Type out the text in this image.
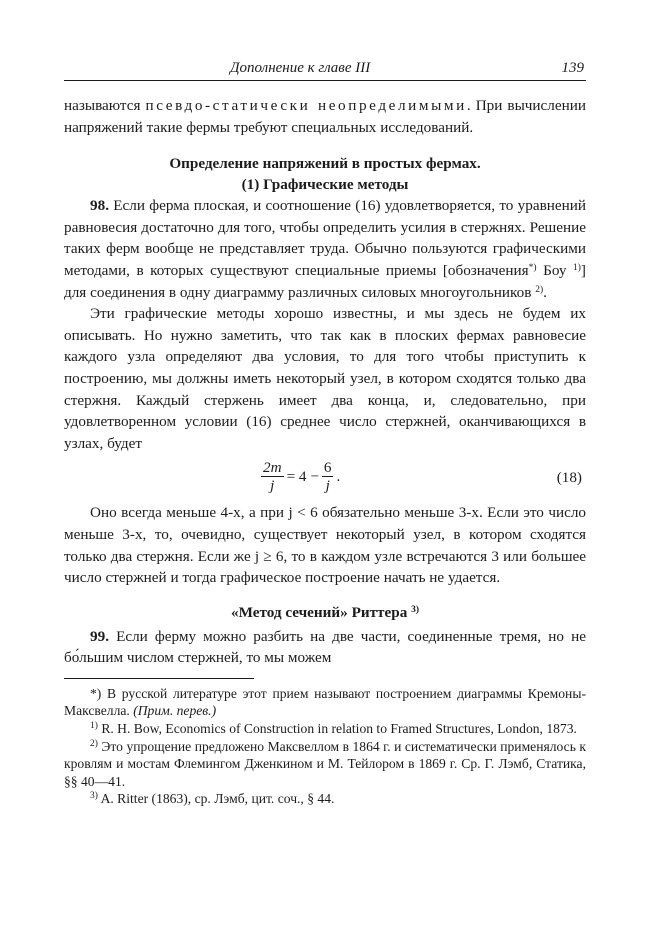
Дополнение к главе III	139

называются псевдо-статически неопределимыми. При вычислении напряжений такие фермы требуют специальных исследований.

Определение напряжений в простых фермах.
(1) Графические методы

98. Если ферма плоская, и соотношение (16) удовлетворяется, то уравнений равновесия достаточно для того, чтобы определить усилия в стержнях. Решение таких ферм вообще не представляет труда. Обычно пользуются графическими методами, в которых существуют специальные приемы [обозначения*) Боу $^{1)}$] для соединения в одну диаграмму различных силовых многоугольников $^{2)}$.

Эти графические методы хорошо известны, и мы здесь не будем их описывать. Но нужно заметить, что так как в плоских фермах равновесие каждого узла определяют два условия, то для того чтобы приступить к построению, мы должны иметь некоторый узел, в котором сходятся только два стержня. Каждый стержень имеет два конца, и, следовательно, при удовлетворенном условии (16) среднее число стержней, оканчивающихся в узлах, будет

$\frac{2m}{j} = 4 - \frac{6}{j}$ .	(18)

Оно всегда меньше 4-х, а при j < 6 обязательно меньше 3-х. Если это число меньше 3-х, то, очевидно, существует некоторый узел, в котором сходятся только два стержня. Если же j ≥ 6, то в каждом узле встречаются 3 или большее число стержней и тогда графическое построение начать не удается.

«Метод сечений» Риттера $^{3)}$

99. Если ферму можно разбить на две части, соединенные тремя, но не бо́льшим числом стержней, то мы можем

*) В русской литературе этот прием называют построением диаграммы Кремоны-Максвелла. (Прим. перев.)

$^{1)}$ R. H. Bow, Economics of Construction in relation to Framed Structures, London, 1873.

$^{2)}$ Это упрощение предложено Максвеллом в 1864 г. и систематически применялось к кровлям и мостам Флемингом Дженкином и М. Тейлором в 1869 г. Ср. Г. Лэмб, Статика, §§ 40—41.

$^{3)}$ A. Ritter (1863), ср. Лэмб, цит. соч., § 44.
